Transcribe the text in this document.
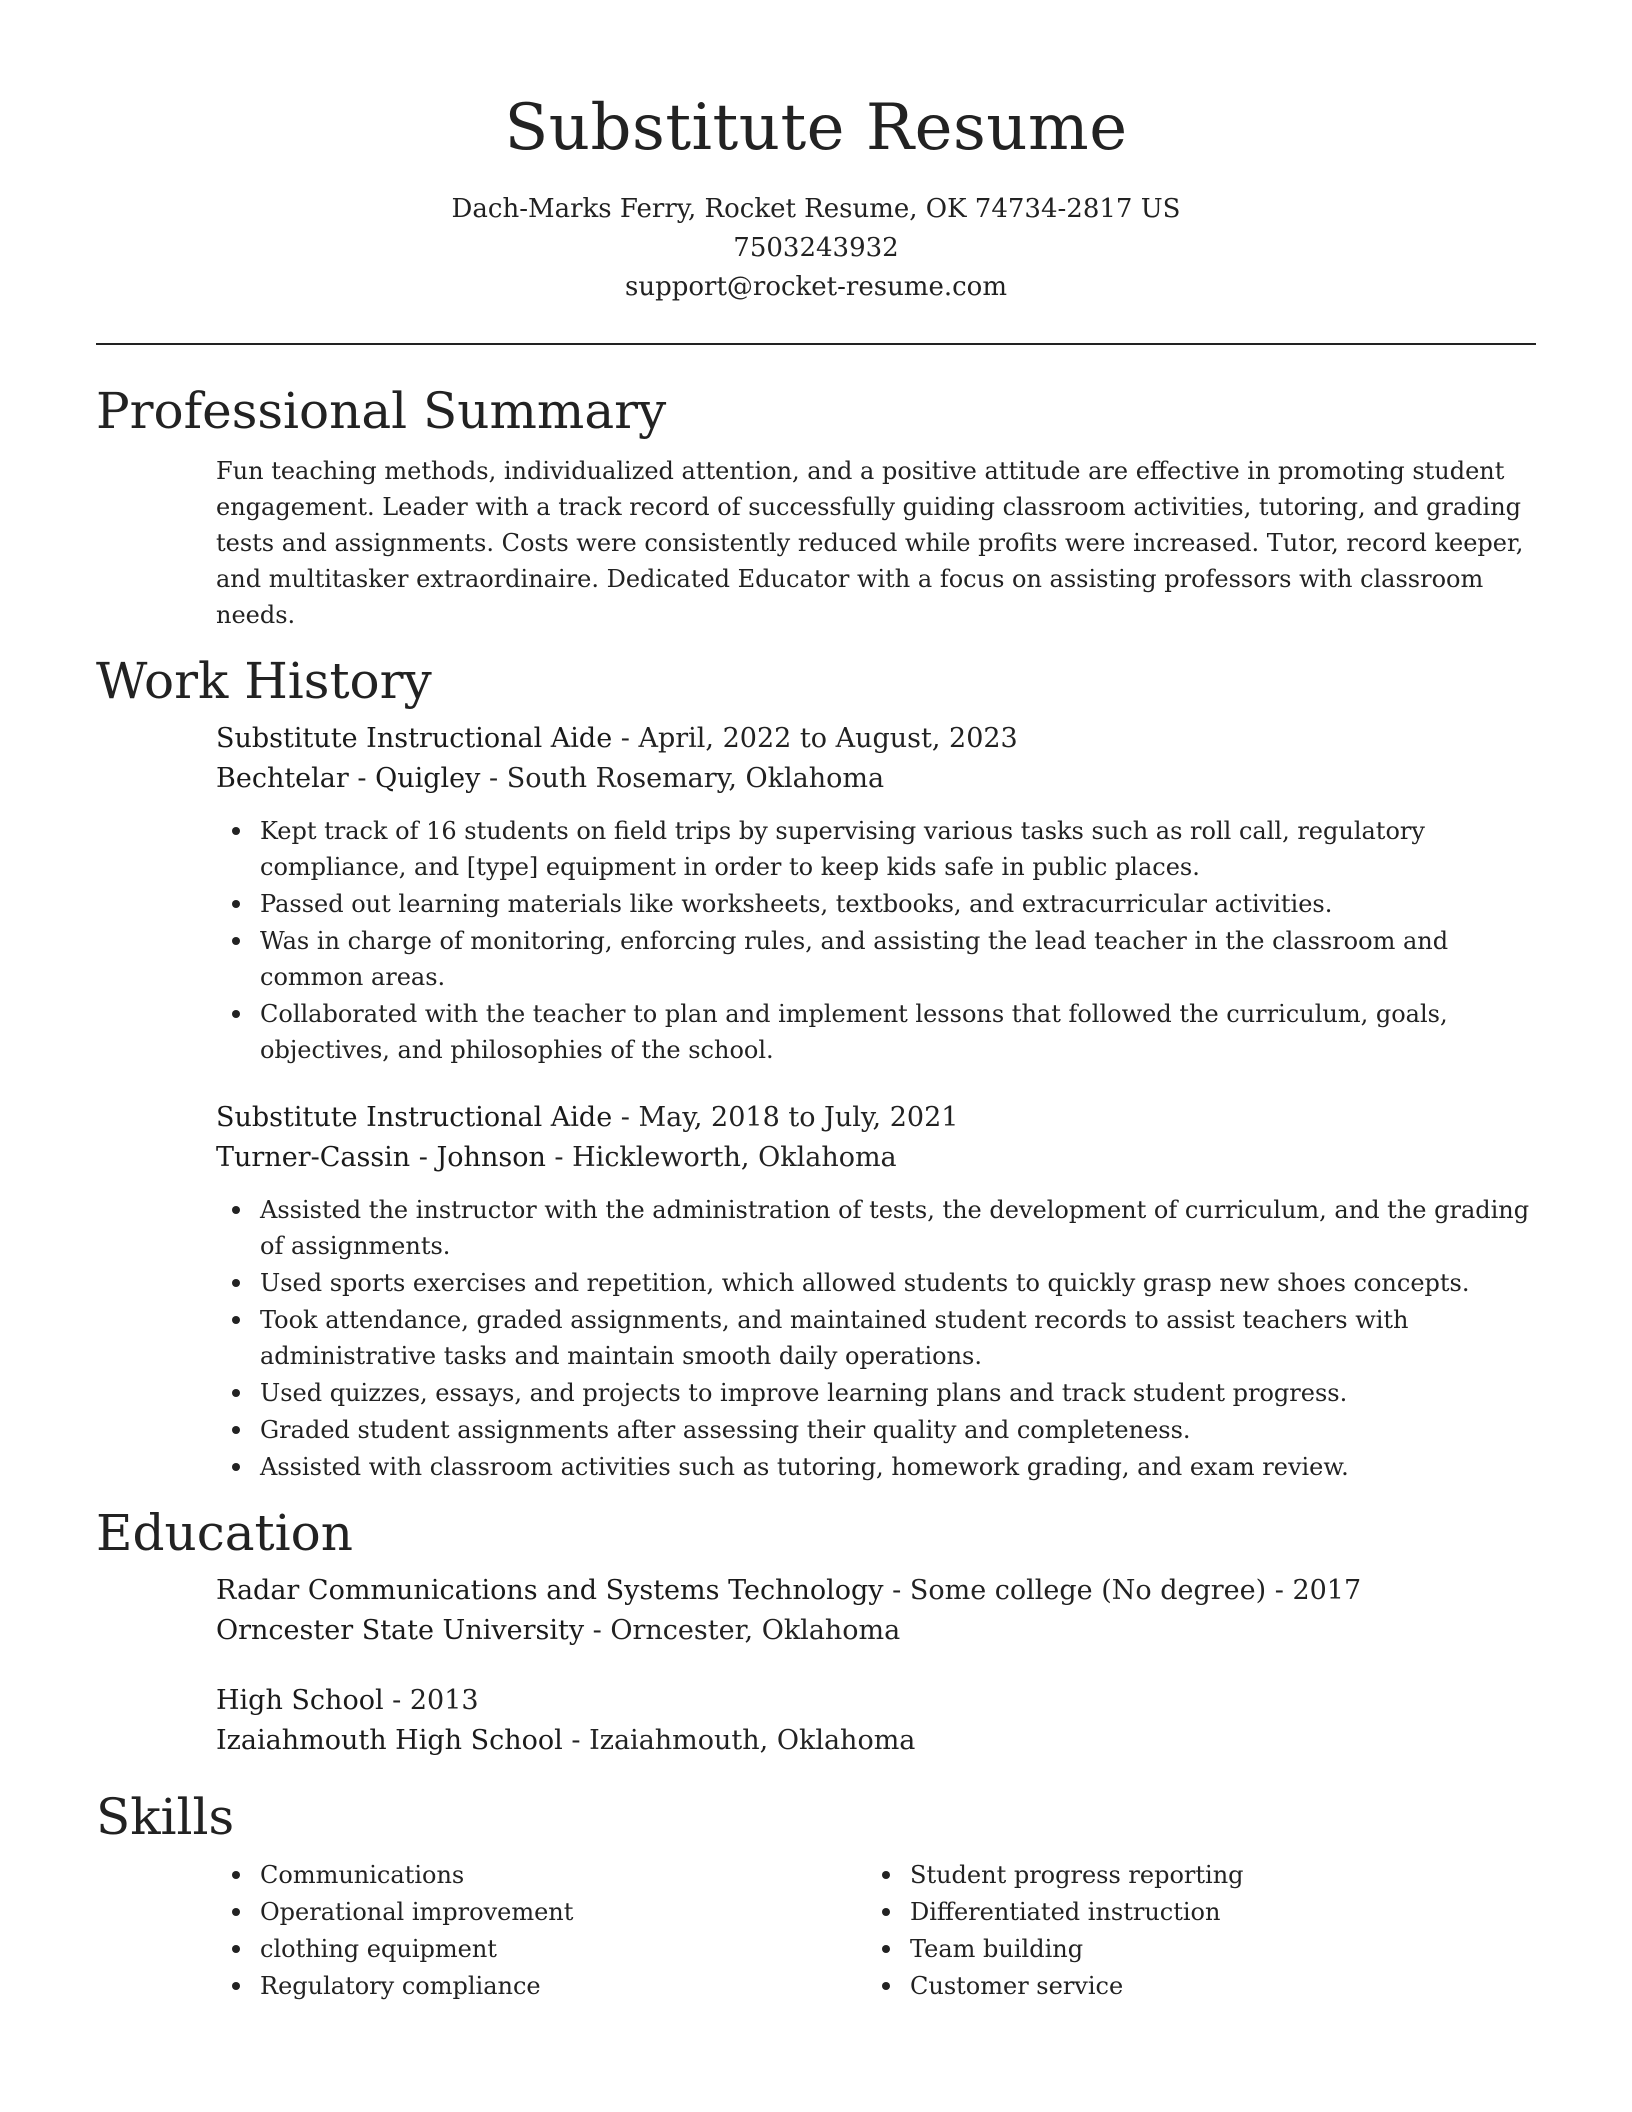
Substitute Resume
Dach-Marks Ferry, Rocket Resume, OK 74734-2817 US
7503243932
support@rocket-resume.com
Professional Summary

Fun teaching methods, individualized attention, and a positive attitude are effective in promoting student engagement. Leader with a track record of successfully guiding classroom activities, tutoring, and grading tests and assignments. Costs were consistently reduced while profits were increased. Tutor, record keeper, and multitasker extraordinaire. Dedicated Educator with a focus on assisting professors with classroom needs.

Work History
Substitute Instructional Aide - April, 2022 to August, 2023
Bechtelar - Quigley - South Rosemary, Oklahoma
Kept track of 16 students on field trips by supervising various tasks such as roll call, regulatory compliance, and [type] equipment in order to keep kids safe in public places.
Passed out learning materials like worksheets, textbooks, and extracurricular activities.
Was in charge of monitoring, enforcing rules, and assisting the lead teacher in the classroom and common areas.
Collaborated with the teacher to plan and implement lessons that followed the curriculum, goals, objectives, and philosophies of the school.
Substitute Instructional Aide - May, 2018 to July, 2021
Turner-Cassin - Johnson - Hickleworth, Oklahoma
Assisted the instructor with the administration of tests, the development of curriculum, and the grading of assignments.
Used sports exercises and repetition, which allowed students to quickly grasp new shoes concepts.
Took attendance, graded assignments, and maintained student records to assist teachers with administrative tasks and maintain smooth daily operations.
Used quizzes, essays, and projects to improve learning plans and track student progress.
Graded student assignments after assessing their quality and completeness.
Assisted with classroom activities such as tutoring, homework grading, and exam review.
Education
Radar Communications and Systems Technology - Some college (No degree) - 2017
Orncester State University - Orncester, Oklahoma
High School - 2013
Izaiahmouth High School - Izaiahmouth, Oklahoma
Skills
Communications
Operational improvement
clothing equipment
Regulatory compliance
Student progress reporting
Differentiated instruction
Team building
Customer service
